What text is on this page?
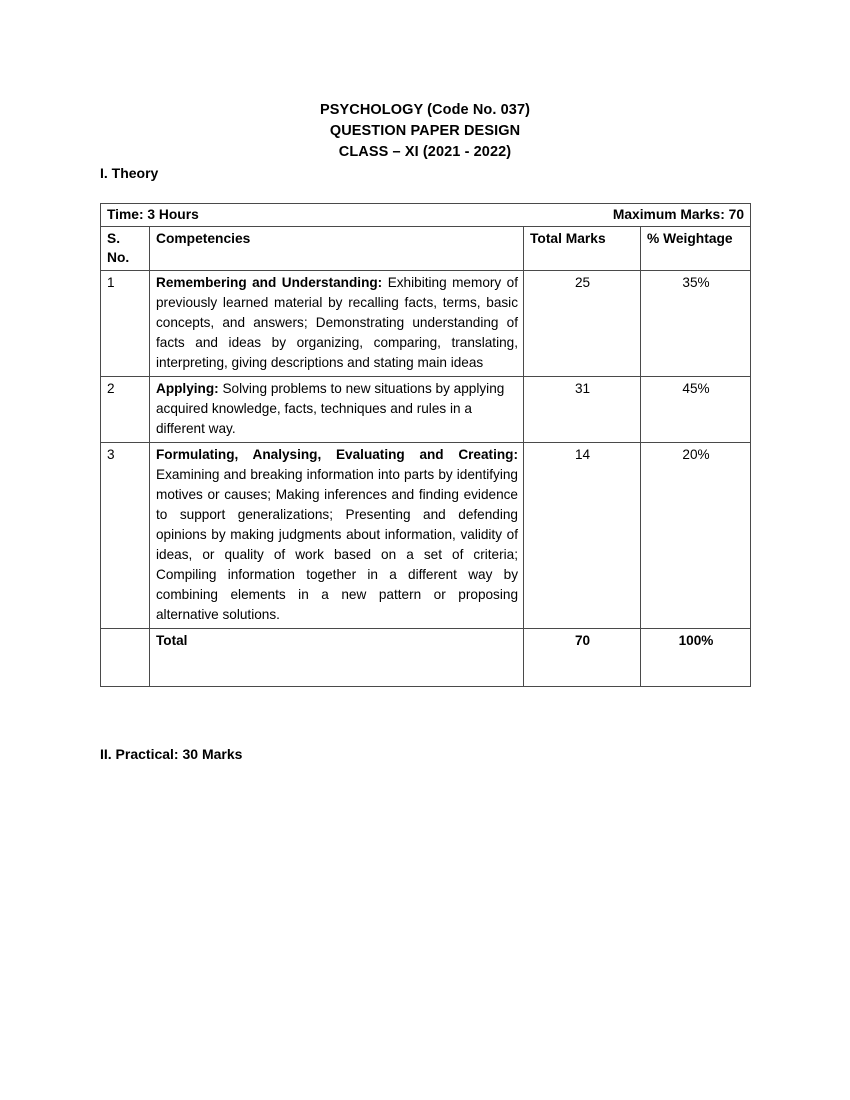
PSYCHOLOGY (Code No. 037)
QUESTION PAPER DESIGN
CLASS – XI (2021 - 2022)
I. Theory
Time: 3 Hours Maximum Marks: 70			

S. No.	Competencies	Total Marks	% Weightage
1	Remembering and Understanding: Exhibiting memory of previously learned material by recalling facts, terms, basic concepts, and answers; Demonstrating understanding of facts and ideas by organizing, comparing, translating, interpreting, giving descriptions and stating main ideas	25	35%
2	Applying: Solving problems to new situations by applying acquired knowledge, facts, techniques and rules in a different way.	31	45%
3	Formulating, Analysing, Evaluating and Creating: Examining and breaking information into parts by identifying motives or causes; Making inferences and finding evidence to support generalizations; Presenting and defending opinions by making judgments about information, validity of ideas, or quality of work based on a set of criteria; Compiling information together in a different way by combining elements in a new pattern or proposing alternative solutions.	14	20%
	Total	70	100%
II. Practical: 30 Marks
